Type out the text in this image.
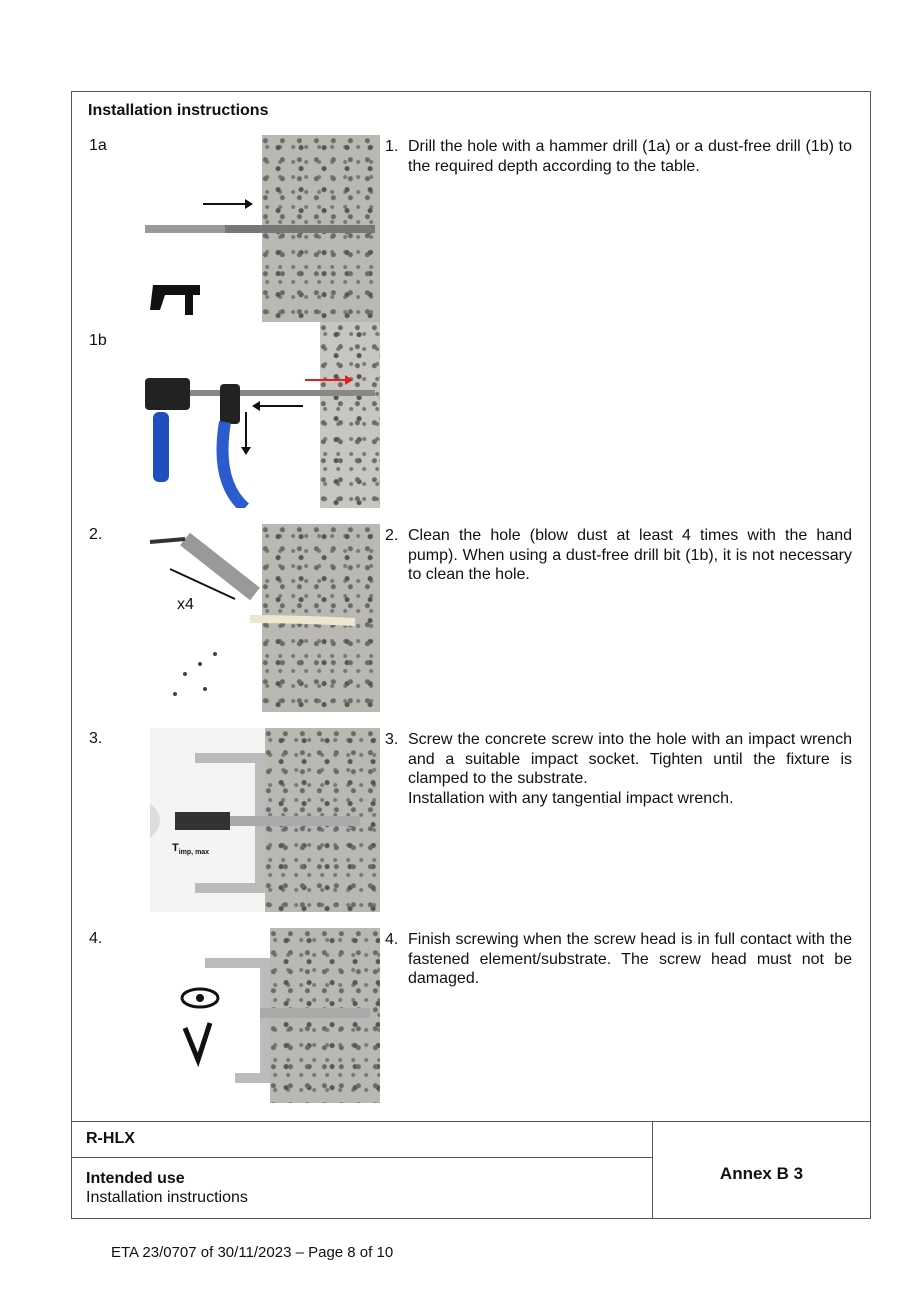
Installation instructions
1a
1b
1. Drill the hole with a hammer drill (1a) or a dust-free drill (1b) to the required depth according to the table.
2.
x4
2. Clean the hole (blow dust at least 4 times with the hand pump). When using a dust-free drill bit (1b), it is not necessary to clean the hole.
3.
$T_{imp, max}$
3. Screw the concrete screw into the hole with an impact wrench and a suitable impact socket. Tighten until the fixture is clamped to the substrate.
Installation with any tangential impact wrench.
4.	4. Finish screwing when the screw head is in full contact with the fastened element/substrate. The screw head must not be damaged.
R-HLX
Intended use
Installation instructions
Annex B 3
ETA 23/0707 of 30/11/2023 – Page 8 of 10
